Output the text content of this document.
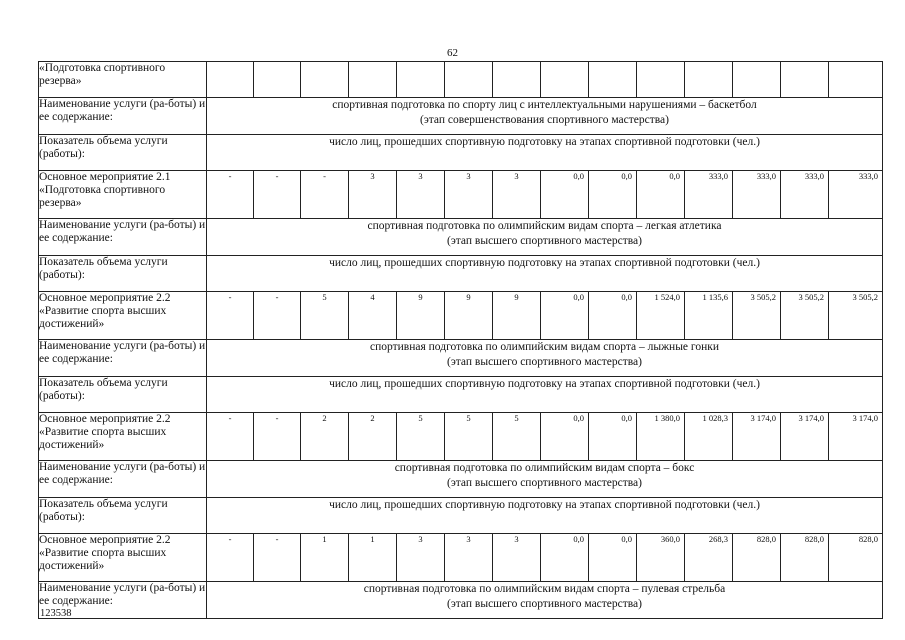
62
«Подготовка спортивного резерва»														
Наименование услуги (ра-боты) и ее содержание:	спортивная подготовка по спорту лиц с интеллектуальными нарушениями – баскетбол
(этап совершенствования спортивного мастерства)													

Показатель объема услуги (работы):	число лиц, прошедших спортивную подготовку на этапах спортивной подготовки (чел.)													

Основное мероприятие 2.1 «Подготовка спортивного резерва»	-	-	-	3	3	3	3	0,0	0,0	0,0	333,0	333,0	333,0	333,0
Наименование услуги (ра-боты) и ее содержание:	спортивная подготовка по олимпийским видам спорта – легкая атлетика
(этап высшего спортивного мастерства)													

Показатель объема услуги (работы):	число лиц, прошедших спортивную подготовку на этапах спортивной подготовки (чел.)													

Основное мероприятие 2.2 «Развитие спорта высших достижений»	-	-	5	4	9	9	9	0,0	0,0	1 524,0	1 135,6	3 505,2	3 505,2	3 505,2
Наименование услуги (ра-боты) и ее содержание:	спортивная подготовка по олимпийским видам спорта – лыжные гонки
(этап высшего спортивного мастерства)													

Показатель объема услуги (работы):	число лиц, прошедших спортивную подготовку на этапах спортивной подготовки (чел.)													

Основное мероприятие 2.2 «Развитие спорта высших достижений»	-	-	2	2	5	5	5	0,0	0,0	1 380,0	1 028,3	3 174,0	3 174,0	3 174,0
Наименование услуги (ра-боты) и ее содержание:	спортивная подготовка по олимпийским видам спорта – бокс
(этап высшего спортивного мастерства)													

Показатель объема услуги (работы):	число лиц, прошедших спортивную подготовку на этапах спортивной подготовки (чел.)													

Основное мероприятие 2.2 «Развитие спорта высших достижений»	-	-	1	1	3	3	3	0,0	0,0	360,0	268,3	828,0	828,0	828,0
Наименование услуги (ра-боты) и ее содержание:	спортивная подготовка по олимпийским видам спорта – пулевая стрельба
(этап высшего спортивного мастерства)													
123538
